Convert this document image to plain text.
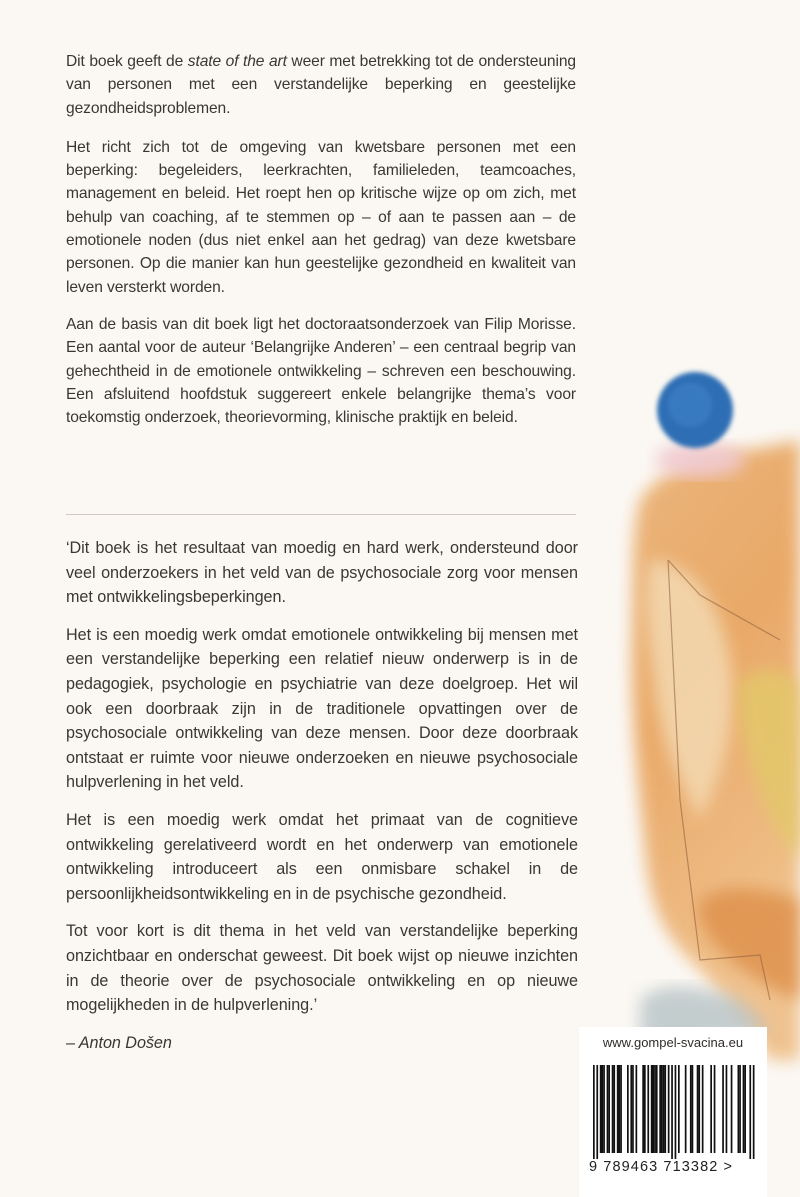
Dit boek geeft de state of the art weer met betrekking tot de ondersteuning van personen met een verstandelijke beperking en geestelijke gezondheidsproblemen.

Het richt zich tot de omgeving van kwetsbare personen met een beperking: begeleiders, leerkrachten, familieleden, teamcoaches, management en beleid. Het roept hen op kritische wijze op om zich, met behulp van coaching, af te stemmen op – of aan te passen aan – de emotionele noden (dus niet enkel aan het gedrag) van deze kwetsbare personen. Op die manier kan hun geestelijke gezondheid en kwaliteit van leven versterkt worden.

Aan de basis van dit boek ligt het doctoraatsonderzoek van Filip Morisse. Een aantal voor de auteur ‘Belangrijke Anderen’ – een centraal begrip van gehechtheid in de emotionele ontwikkeling – schreven een beschouwing. Een afsluitend hoofdstuk suggereert enkele belangrijke thema’s voor toekomstig onderzoek, theorievorming, klinische praktijk en beleid.

‘Dit boek is het resultaat van moedig en hard werk, ondersteund door veel onderzoekers in het veld van de psychosociale zorg voor mensen met ontwikkelingsbeperkingen.

Het is een moedig werk omdat emotionele ontwikkeling bij mensen met een verstandelijke beperking een relatief nieuw onderwerp is in de pedagogiek, psychologie en psychiatrie van deze doelgroep. Het wil ook een doorbraak zijn in de traditionele opvattingen over de psychosociale ontwikkeling van deze mensen. Door deze doorbraak ontstaat er ruimte voor nieuwe onderzoeken en nieuwe psychosociale hulpverlening in het veld.

Het is een moedig werk omdat het primaat van de cognitieve ontwikkeling gerelativeerd wordt en het onderwerp van emotionele ontwikkeling introduceert als een onmisbare schakel in de persoonlijkheidsontwikkeling en in de psychische gezondheid.

Tot voor kort is dit thema in het veld van verstandelijke beperking onzichtbaar en onderschat geweest. Dit boek wijst op nieuwe inzichten in de theorie over de psychosociale ontwikkeling en op nieuwe mogelijkheden in de hulpverlening.’

– Anton Došen	www.gompel-svacina.eu
9 789463 713382 >
